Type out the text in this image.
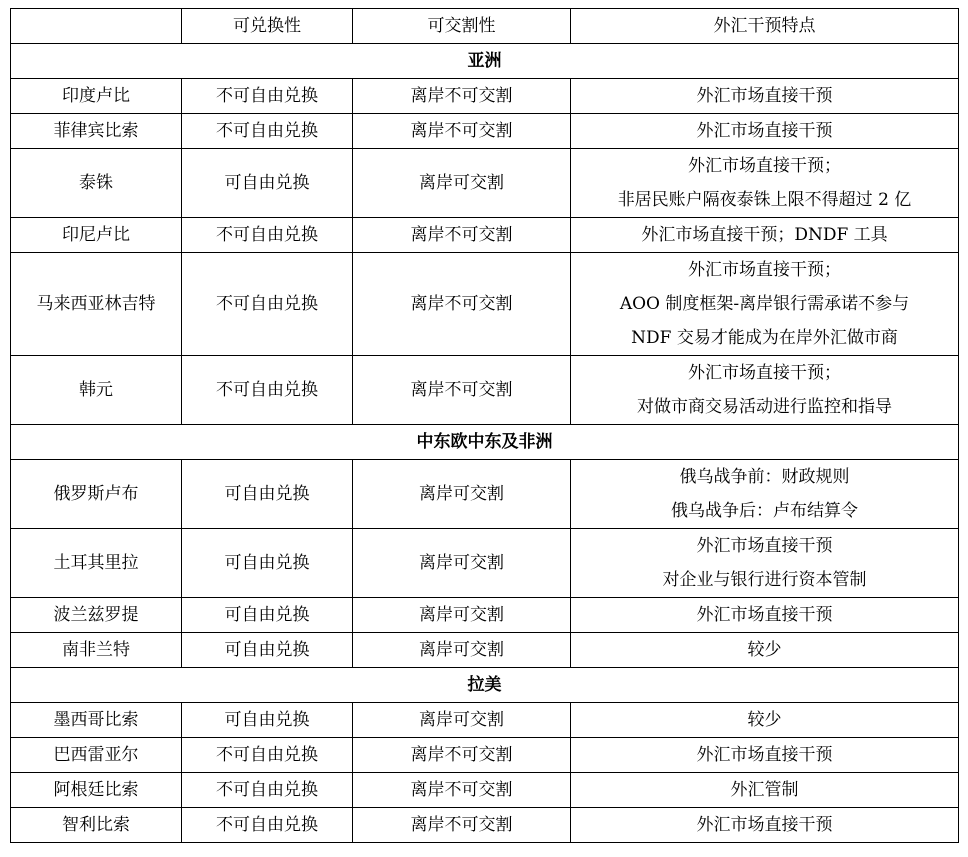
	可兑换性	可交割性	外汇干预特点
亚洲			
印度卢比	不可自由兑换	离岸不可交割	外汇市场直接干预

菲律宾比索	不可自由兑换	离岸不可交割	外汇市场直接干预

泰铢	可自由兑换	离岸可交割	外汇市场直接干预；
非居民账户隔夜泰铢上限不得超过 2 亿

印尼卢比	不可自由兑换	离岸不可交割	外汇市场直接干预；DNDF 工具

马来西亚林吉特	不可自由兑换	离岸不可交割	外汇市场直接干预；
AOO 制度框架-离岸银行需承诺不参与
NDF 交易才能成为在岸外汇做市商

韩元	不可自由兑换	离岸不可交割	外汇市场直接干预；
对做市商交易活动进行监控和指导

中东欧中东及非洲			
俄罗斯卢布	可自由兑换	离岸可交割	俄乌战争前：财政规则
俄乌战争后：卢布结算令

土耳其里拉	可自由兑换	离岸可交割	外汇市场直接干预
对企业与银行进行资本管制

波兰兹罗提	可自由兑换	离岸可交割	外汇市场直接干预

南非兰特	可自由兑换	离岸可交割	较少

拉美			
墨西哥比索	可自由兑换	离岸可交割	较少

巴西雷亚尔	不可自由兑换	离岸不可交割	外汇市场直接干预

阿根廷比索	不可自由兑换	离岸不可交割	外汇管制

智利比索	不可自由兑换	离岸不可交割	外汇市场直接干预
